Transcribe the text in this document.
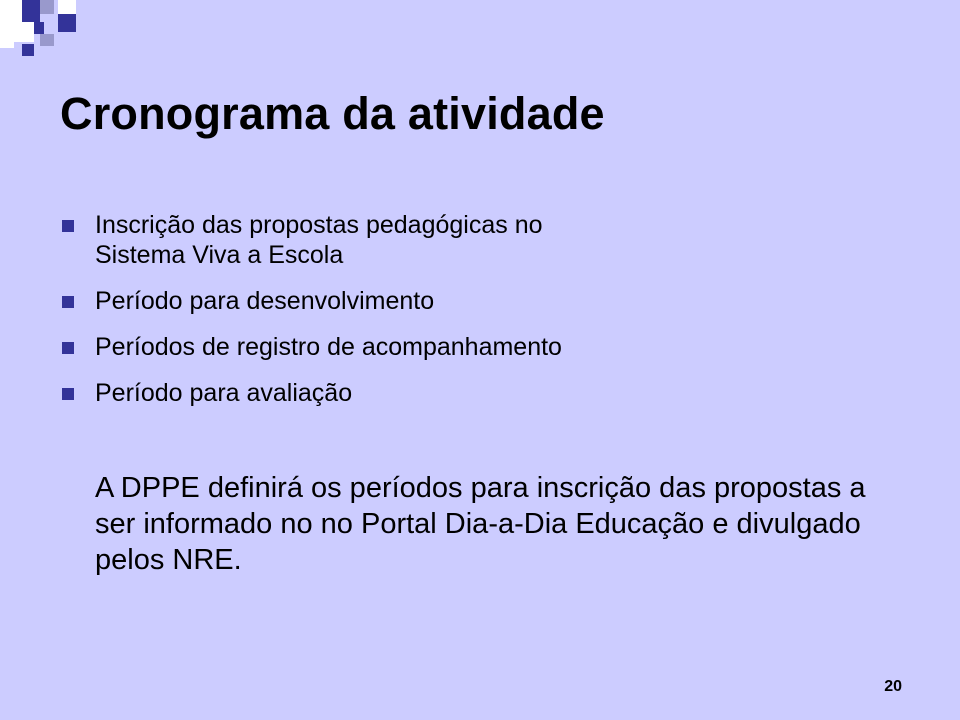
Cronograma da atividade
Inscrição das propostas pedagógicas no
Sistema Viva a Escola
Período para desenvolvimento
Períodos de registro de acompanhamento
Período para avaliação
A DPPE definirá os períodos para inscrição das propostas a ser informado no no Portal Dia-a-Dia Educação e divulgado pelos NRE.
20
